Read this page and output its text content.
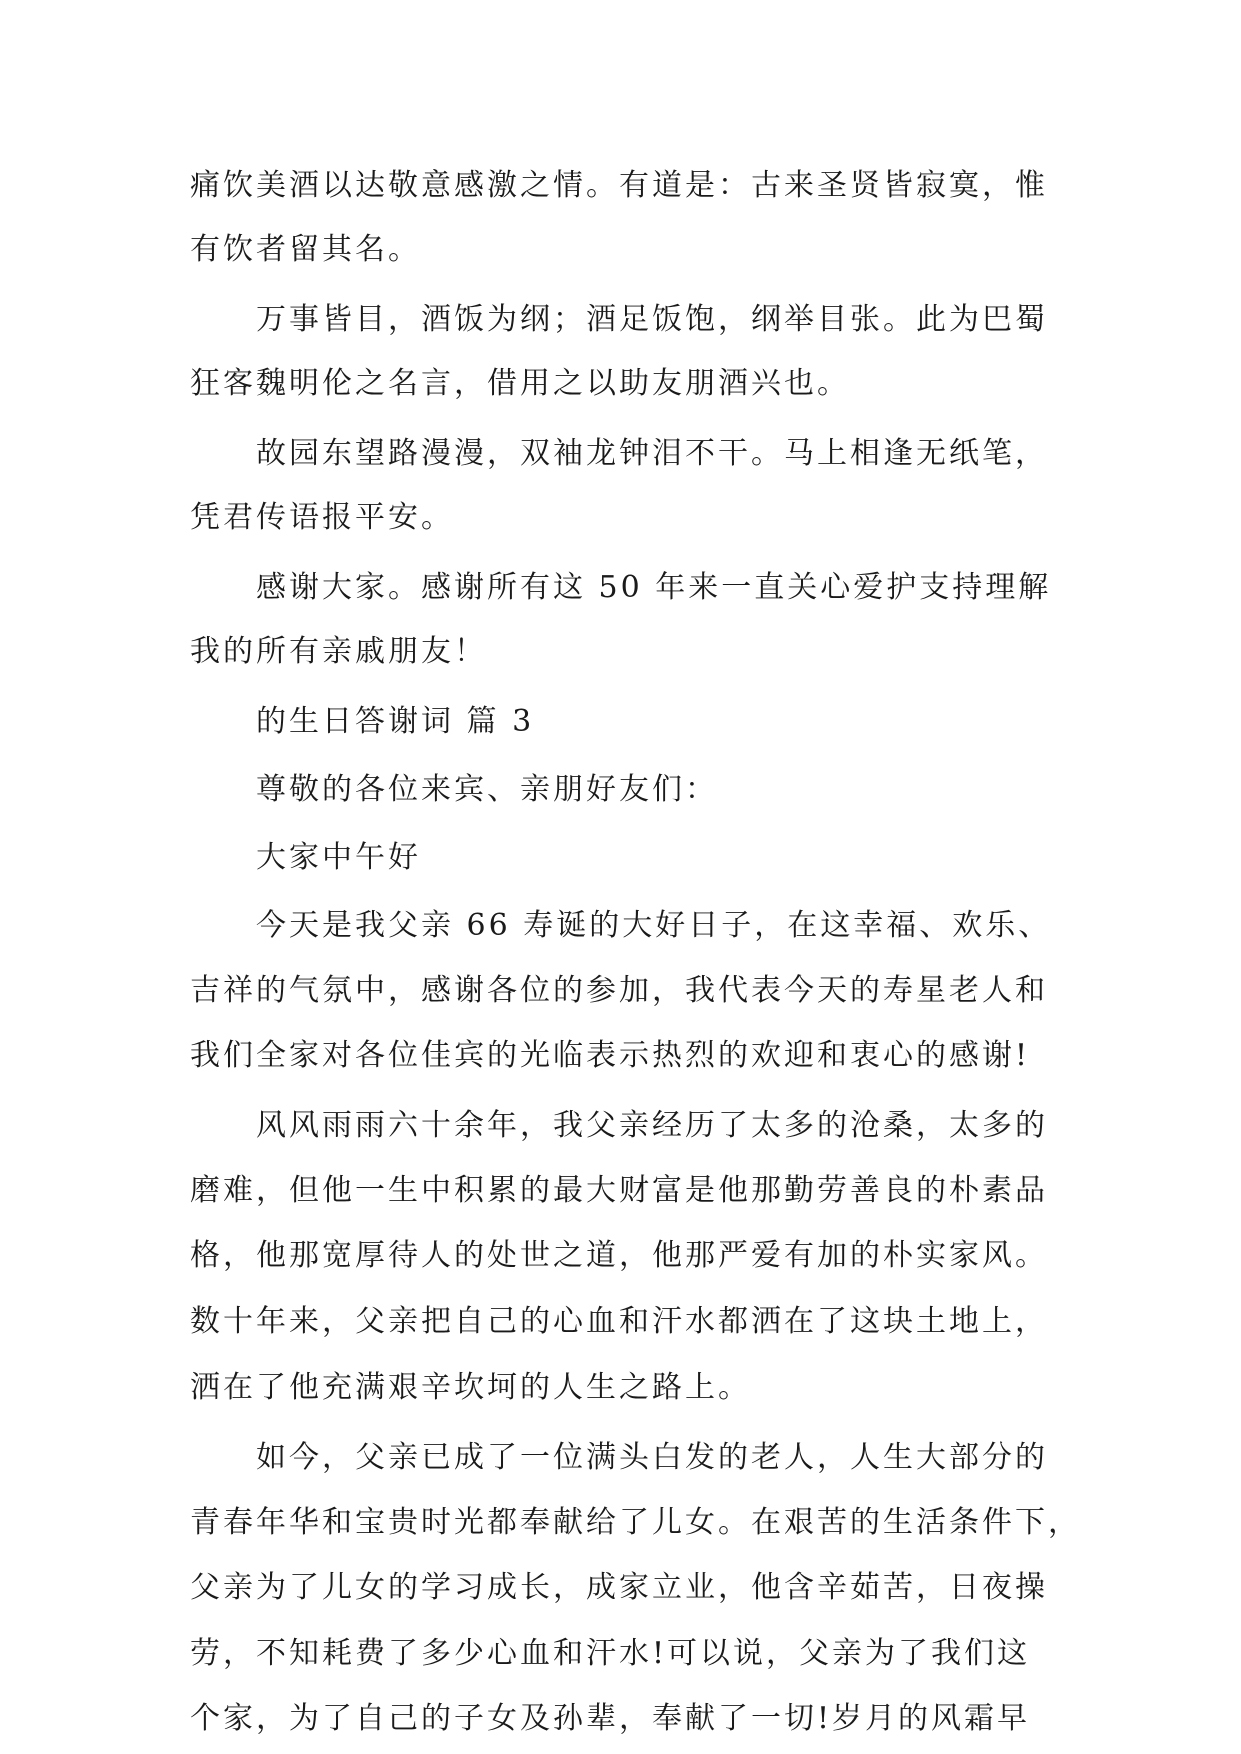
痛饮美酒以达敬意感激之情。有道是：古来圣贤皆寂寞，惟
有饮者留其名。
万事皆目，酒饭为纲；酒足饭饱，纲举目张。此为巴蜀
狂客魏明伦之名言，借用之以助友朋酒兴也。
故园东望路漫漫，双袖龙钟泪不干。马上相逢无纸笔，
凭君传语报平安。
感谢大家。感谢所有这 50 年来一直关心爱护支持理解
我的所有亲戚朋友！
的生日答谢词 篇 3
尊敬的各位来宾、亲朋好友们：
大家中午好
今天是我父亲 66 寿诞的大好日子，在这幸福、欢乐、
吉祥的气氛中，感谢各位的参加，我代表今天的寿星老人和
我们全家对各位佳宾的光临表示热烈的欢迎和衷心的感谢!
风风雨雨六十余年，我父亲经历了太多的沧桑，太多的
磨难，但他一生中积累的最大财富是他那勤劳善良的朴素品
格，他那宽厚待人的处世之道，他那严爱有加的朴实家风。
数十年来，父亲把自己的心血和汗水都洒在了这块土地上，
洒在了他充满艰辛坎坷的人生之路上。
如今，父亲已成了一位满头白发的老人，人生大部分的
青春年华和宝贵时光都奉献给了儿女。在艰苦的生活条件下，
父亲为了儿女的学习成长，成家立业，他含辛茹苦，日夜操
劳，不知耗费了多少心血和汗水!可以说，父亲为了我们这
个家，为了自己的子女及孙辈，奉献了一切!岁月的风霜早
